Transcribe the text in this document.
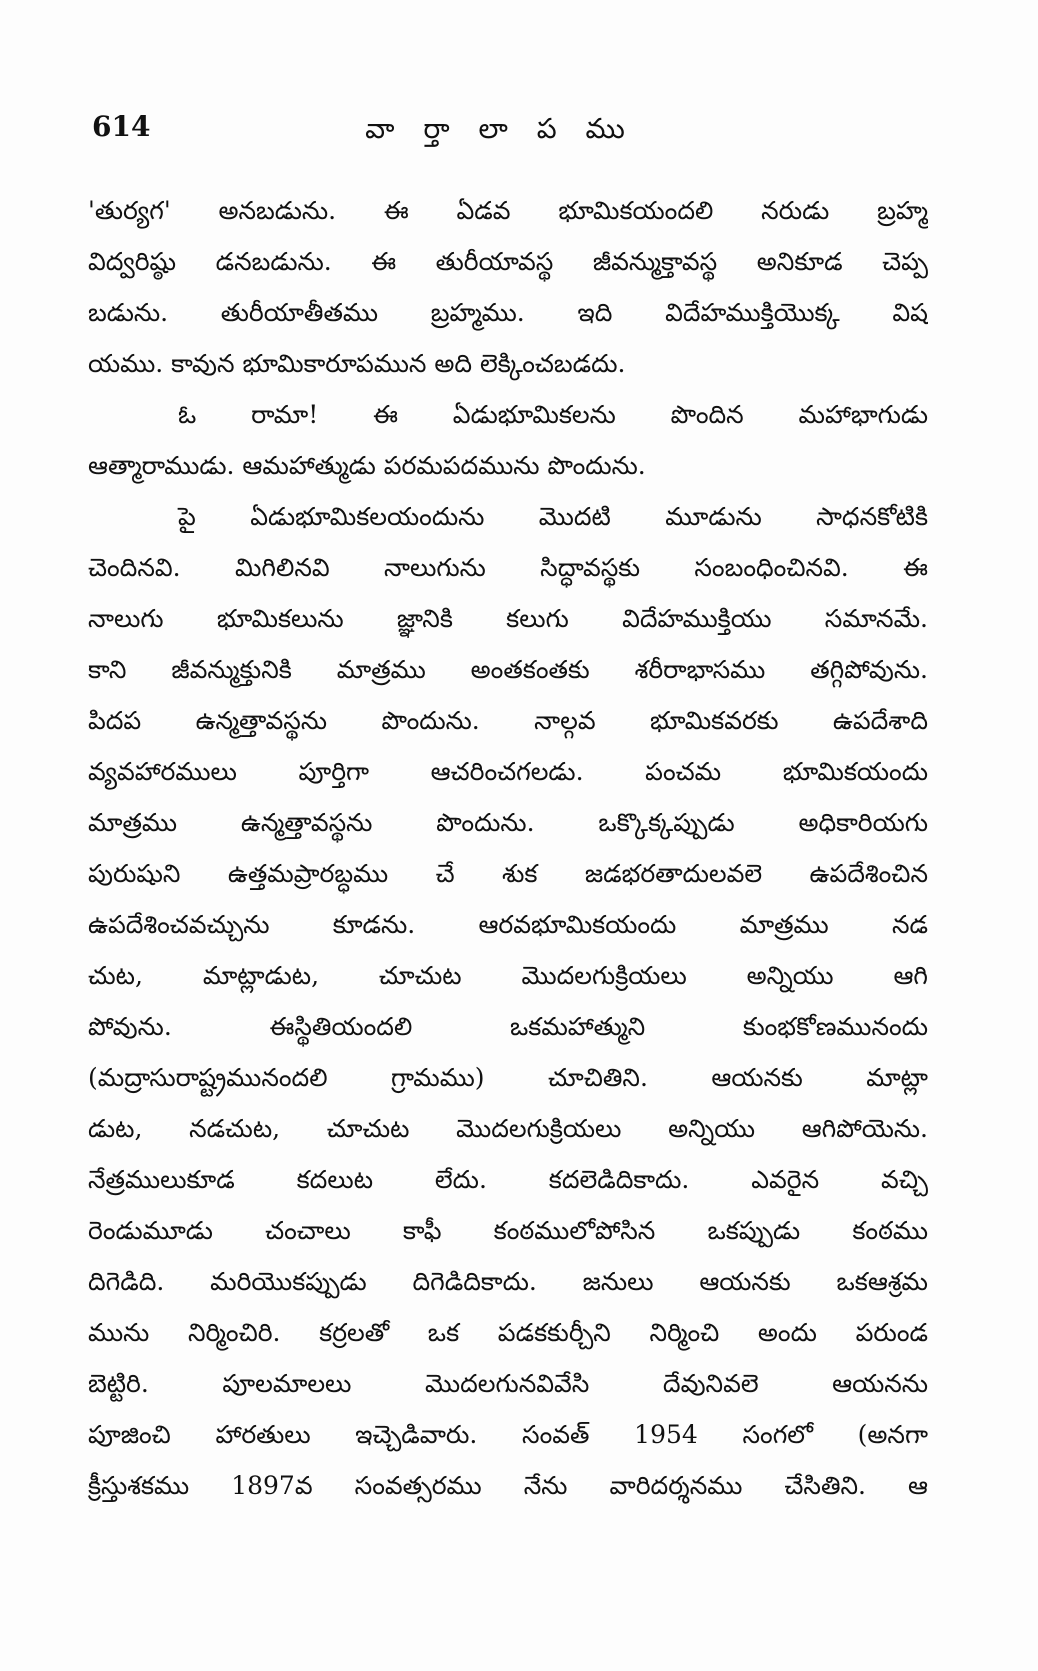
614	వా ర్తా లా ప ము
'తుర్యగ' అనబడును. ఈ ఏడవ భూమికయందలి నరుడు బ్రహ్మ
విద్వరిష్ఠు డనబడును. ఈ తురీయావస్థ జీవన్ముక్తావస్థ అనికూడ చెప్ప
బడును. తురీయాతీతము బ్రహ్మము. ఇది విదేహముక్తియొక్క విష
యము. కావున భూమికారూపమున అది లెక్కించబడదు.
ఓ రామా! ఈ ఏడుభూమికలను పొందిన మహాభాగుడు
ఆత్మారాముడు. ఆమహాత్ముడు పరమపదమును పొందును.
పై ఏడుభూమికలయందును మొదటి మూడును సాధనకోటికి
చెందినవి. మిగిలినవి నాలుగును సిద్ధావస్థకు సంబంధించినవి. ఈ
నాలుగు భూమికలును జ్ఞానికి కలుగు విదేహముక్తియు సమానమే.
కాని జీవన్ముక్తునికి మాత్రము అంతకంతకు శరీరాభాసము తగ్గిపోవును.
పిదప ఉన్మత్తావస్థను పొందును. నాల్గవ భూమికవరకు ఉపదేశాది
వ్యవహారములు పూర్తిగా ఆచరించగలడు. పంచమ భూమికయందు
మాత్రము ఉన్మత్తావస్థను పొందును. ఒక్కొక్కప్పుడు అధికారియగు
పురుషుని ఉత్తమప్రారబ్ధము చే శుక జడభరతాదులవలె ఉపదేశించిన
ఉపదేశించవచ్చును కూడను. ఆరవభూమికయందు మాత్రము నడ
చుట, మాట్లాడుట, చూచుట మొదలగుక్రియలు అన్నియు ఆగి
పోవును. ఈస్థితియందలి ఒకమహాత్ముని కుంభకోణమునందు
(మద్రాసురాష్ట్రమునందలి గ్రామము) చూచితిని. ఆయనకు మాట్లా
డుట, నడచుట, చూచుట మొదలగుక్రియలు అన్నియు ఆగిపోయెను.
నేత్రములుకూడ కదలుట లేదు. కదలెడిదికాదు. ఎవరైన వచ్చి
రెండుమూడు చంచాలు కాఫీ కంఠములోపోసిన ఒకప్పుడు కంఠము
దిగెడిది. మరియొకప్పుడు దిగెడిదికాదు. జనులు ఆయనకు ఒకఆశ్రమ
మును నిర్మించిరి. కర్రలతో ఒక పడకకుర్చీని నిర్మించి అందు పరుండ
బెట్టిరి. పూలమాలలు మొదలగునవివేసి దేవునివలె ఆయనను
పూజించి హారతులు ఇచ్చెడివారు. సంవత్ 1954 సంగలో (అనగా
క్రీస్తుశకము 1897వ సంవత్సరము నేను వారిదర్శనము చేసితిని. ఆ
